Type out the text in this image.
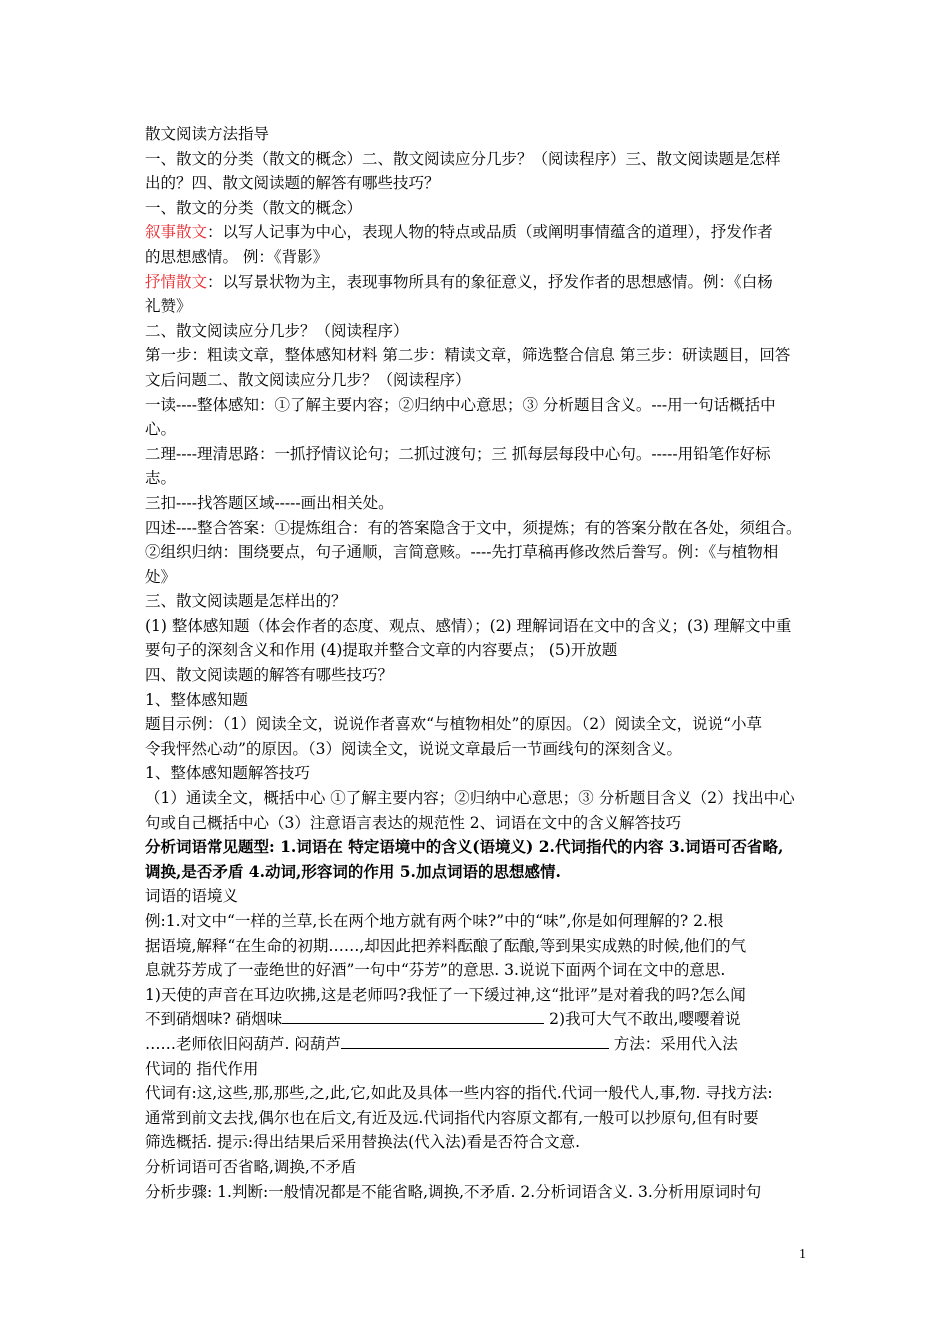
散文阅读方法指导
一、散文的分类（散文的概念）二、散文阅读应分几步？（阅读程序）三、散文阅读题是怎样
出的？四、散文阅读题的解答有哪些技巧？
一、散文的分类（散文的概念）
叙事散文：以写人记事为中心，表现人物的特点或品质（或阐明事情蕴含的道理），抒发作者
的思想感情。 例：《背影》
抒情散文：以写景状物为主，表现事物所具有的象征意义，抒发作者的思想感情。例：《白杨
礼赞》
二、散文阅读应分几步？（阅读程序）
第一步：粗读文章，整体感知材料 第二步：精读文章，筛选整合信息 第三步：研读题目，回答
文后问题二、散文阅读应分几步？（阅读程序）
一读----整体感知：①了解主要内容；②归纳中心意思；③ 分析题目含义。---用一句话概括中
心。
二理----理清思路：一抓抒情议论句；二抓过渡句；三 抓每层每段中心句。-----用铅笔作好标
志。
三扣----找答题区域-----画出相关处。
四述----整合答案：①提炼组合：有的答案隐含于文中，须提炼；有的答案分散在各处，须组合。
②组织归纳：围绕要点，句子通顺，言简意赅。----先打草稿再修改然后誊写。例：《与植物相
处》
三、散文阅读题是怎样出的？
(1) 整体感知题（体会作者的态度、观点、感情）；(2) 理解词语在文中的含义；(3) 理解文中重
要句子的深刻含义和作用 (4)提取并整合文章的内容要点； (5)开放题
四、散文阅读题的解答有哪些技巧？
1、整体感知题
题目示例：（1）阅读全文，说说作者喜欢“与植物相处”的原因。（2）阅读全文，说说“小草
令我怦然心动”的原因。（3）阅读全文，说说文章最后一节画线句的深刻含义。
1、整体感知题解答技巧
（1）通读全文，概括中心 ①了解主要内容；②归纳中心意思；③ 分析题目含义（2）找出中心
句或自己概括中心（3）注意语言表达的规范性 2、词语在文中的含义解答技巧
分析词语常见题型: 1.词语在 特定语境中的含义(语境义) 2.代词指代的内容 3.词语可否省略,
调换,是否矛盾 4.动词,形容词的作用 5.加点词语的思想感情.
词语的语境义
例:1.对文中“一样的兰草,长在两个地方就有两个味?”中的“味”,你是如何理解的? 2.根
据语境,解释“在生命的初期……,却因此把养料酝酿了酝酿,等到果实成熟的时候,他们的气
息就芬芳成了一壶绝世的好酒”一句中“芬芳”的意思. 3.说说下面两个词在文中的意思.
1)天使的声音在耳边吹拂,这是老师吗?我怔了一下缓过神,这“批评”是对着我的吗?怎么闻
不到硝烟味? 硝烟味	2)我可大气不敢出,嘤嘤着说
……老师依旧闷葫芦. 闷葫芦	方法：采用代入法
代词的 指代作用
代词有:这,这些,那,那些,之,此,它,如此及具体一些内容的指代.代词一般代人,事,物. 寻找方法:
通常到前文去找,偶尔也在后文,有近及远.代词指代内容原文都有,一般可以抄原句,但有时要
筛选概括. 提示:得出结果后采用替换法(代入法)看是否符合文意.
分析词语可否省略,调换,不矛盾
分析步骤: 1.判断:一般情况都是不能省略,调换,不矛盾. 2.分析词语含义. 3.分析用原词时句
1
